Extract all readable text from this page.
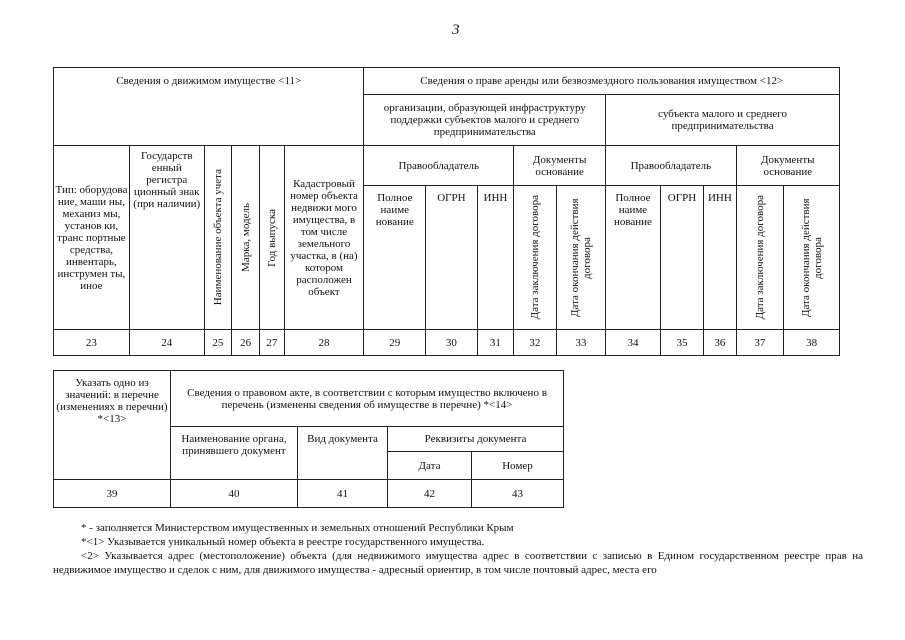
3
Сведения о движимом имуществе <11>						Сведения о праве аренды или безвозмездного пользования имуществом <12>									
						организации, образующей инфраструктуру поддержки субъектов малого и среднего предпринимательства					субъекта малого и среднего предпринимательства				
Тип: оборудова ние, маши ны, механиз мы, установ ки, транс портные средства, инвентарь, инструмен ты, иное	Государств енный регистра ционный знак (при наличии)	Наименование объекта учета	Марка, модель	Год выпуска	Кадастровый номер объекта недвижи мого имущества, в том числе земельного участка, в (на) котором расположен объект	Правообладатель			Документы основание		Правообладатель			Документы основание	
						Полное наиме нование	ОГРН	ИНН	Дата заключения договора	Дата окончания действия договора	Полное наиме нование	ОГРН	ИНН	Дата заключения договора	Дата окончания действия договора

23	24	25	26	27	28	29	30	31	32	33	34	35	36	37	38
Указать одно из значений: в перечне (изменениях в перечни) *<13>	Сведения о правовом акте, в соответствии с которым имущество включено в перечень (изменены сведения об имуществе в перечне) *<14>			
	Наименование органа, принявшего документ	Вид документа	Реквизиты документа	
			Дата	Номер
39	40	41	42	43

* - заполняется Министерством имущественных и земельных отношений Республики Крым

*<1> Указывается уникальный номер объекта в реестре государственного имущества.

<2> Указывается адрес (местоположение) объекта (для недвижимого имущества адрес в соответствии с записью в Едином государственном реестре прав на недвижимое имущество и сделок с ним, для движимого имущества - адресный ориентир, в том числе почтовый адрес, места его
